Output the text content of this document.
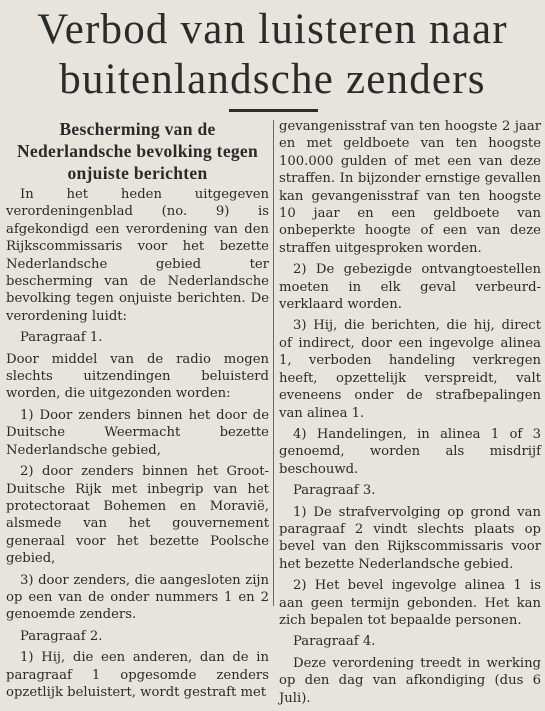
Verbod van luisteren naar
buitenlandsche zenders
Bescherming van de Nederlandsche bevolking tegen onjuiste berichten

In het heden uitgegeven verordeningenblad (no. 9) is afgekondigd een verordening van den Rijkscommissaris voor het bezette Nederlandsche gebied ter bescherming van de Nederlandsche bevolking tegen onjuiste berichten. De verordening luidt:

Paragraaf 1.

Door middel van de radio mogen slechts uitzendingen beluisterd worden, die uitgezonden worden:

1) Door zenders binnen het door de Duitsche Weermacht bezette Nederlandsche gebied,

2) door zenders binnen het Groot-Duitsche Rijk met inbegrip van het protectoraat Bohemen en Moravië, alsmede van het gouvernement generaal voor het bezette Poolsche gebied,

3) door zenders, die aangesloten zijn op een van de onder nummers 1 en 2 genoemde zenders.

Paragraaf 2.

1) Hij, die een anderen, dan de in paragraaf 1 opgesomde zenders opzetlijk beluistert, wordt gestraft met

gevangenisstraf van ten hoogste 2 jaar en met geldboete van ten hoogste 100.000 gulden of met een van deze straffen. In bijzonder ernstige gevallen kan gevangenisstraf van ten hoogste 10 jaar en een geldboete van onbeperkte hoogte of een van deze straffen uitgesproken worden.

2) De gebezigde ontvangtoestellen moeten in elk geval verbeurd-verklaard worden.

3) Hij, die berichten, die hij, direct of indirect, door een ingevolge alinea 1, verboden handeling verkregen heeft, opzettelijk verspreidt, valt eveneens onder de strafbepalingen van alinea 1.

4) Handelingen, in alinea 1 of 3 genoemd, worden als misdrijf beschouwd.

Paragraaf 3.

1) De strafvervolging op grond van paragraaf 2 vindt slechts plaats op bevel van den Rijkscommissaris voor het bezette Nederlandsche gebied.

2) Het bevel ingevolge alinea 1 is aan geen termijn gebonden. Het kan zich bepalen tot bepaalde personen.

Paragraaf 4.

Deze verordening treedt in werking op den dag van afkondiging (dus 6 Juli).
